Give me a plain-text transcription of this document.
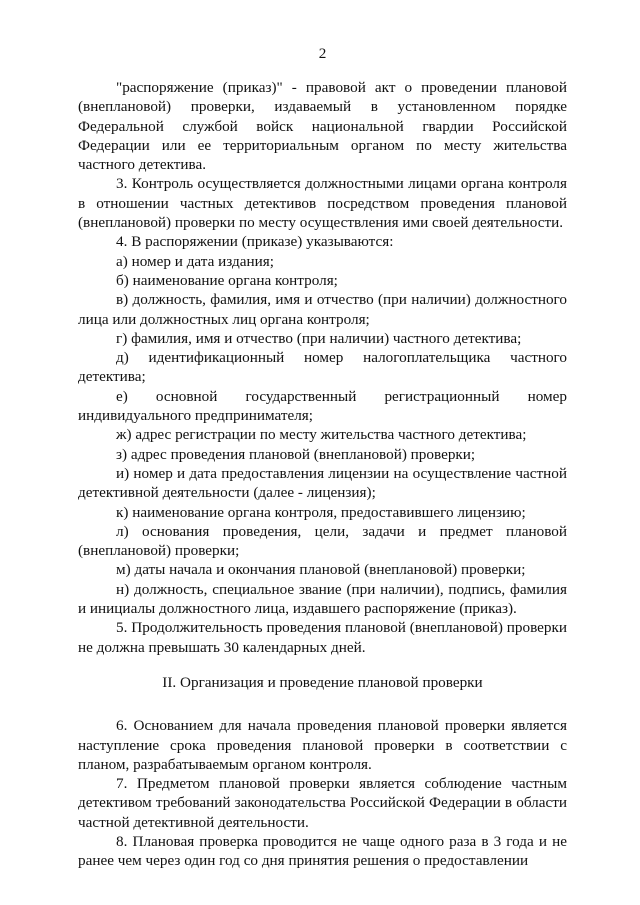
2

"распоряжение (приказ)" - правовой акт о проведении плановой (внеплановой) проверки, издаваемый в установленном порядке Федеральной службой войск национальной гвардии Российской Федерации или ее территориальным органом по месту жительства частного детектива.

3. Контроль осуществляется должностными лицами органа контроля в отношении частных детективов посредством проведения плановой (внеплановой) проверки по месту осуществления ими своей деятельности.

4. В распоряжении (приказе) указываются:

а) номер и дата издания;

б) наименование органа контроля;

в) должность, фамилия, имя и отчество (при наличии) должностного лица или должностных лиц органа контроля;

г) фамилия, имя и отчество (при наличии) частного детектива;

д) идентификационный номер налогоплательщика частного детектива;

е) основной государственный регистрационный номер индивидуального предпринимателя;

ж) адрес регистрации по месту жительства частного детектива;

з) адрес проведения плановой (внеплановой) проверки;

и) номер и дата предоставления лицензии на осуществление частной детективной деятельности (далее - лицензия);

к) наименование органа контроля, предоставившего лицензию;

л) основания проведения, цели, задачи и предмет плановой (внеплановой) проверки;

м) даты начала и окончания плановой (внеплановой) проверки;

н) должность, специальное звание (при наличии), подпись, фамилия и инициалы должностного лица, издавшего распоряжение (приказ).

5. Продолжительность проведения плановой (внеплановой) проверки не должна превышать 30 календарных дней.

II. Организация и проведение плановой проверки

6. Основанием для начала проведения плановой проверки является наступление срока проведения плановой проверки в соответствии с планом, разрабатываемым органом контроля.

7. Предметом плановой проверки является соблюдение частным детективом требований законодательства Российской Федерации в области частной детективной деятельности.

8. Плановая проверка проводится не чаще одного раза в 3 года и не ранее чем через один год со дня принятия решения о предоставлении
